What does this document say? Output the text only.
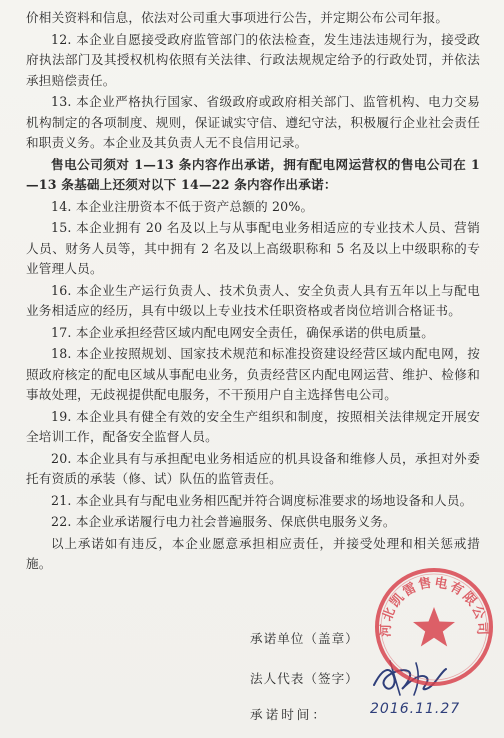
价相关资料和信息，依法对公司重大事项进行公告，并定期公布公司年报。

12. 本企业自愿接受政府监管部门的依法检查，发生违法违规行为，接受政府执法部门及其授权机构依照有关法律、行政法规规定给予的行政处罚，并依法承担赔偿责任。

13. 本企业严格执行国家、省级政府或政府相关部门、监管机构、电力交易机构制定的各项制度、规则，保证诚实守信、遵纪守法，积极履行企业社会责任和职责义务。本企业及其负责人无不良信用记录。

售电公司须对 1—13 条内容作出承诺，拥有配电网运营权的售电公司在 1—13 条基础上还须对以下 14—22 条内容作出承诺：

14. 本企业注册资本不低于资产总额的 20%。

15. 本企业拥有 20 名及以上与从事配电业务相适应的专业技术人员、营销人员、财务人员等，其中拥有 2 名及以上高级职称和 5 名及以上中级职称的专业管理人员。

16. 本企业生产运行负责人、技术负责人、安全负责人具有五年以上与配电业务相适应的经历，具有中级以上专业技术任职资格或者岗位培训合格证书。

17. 本企业承担经营区域内配电网安全责任，确保承诺的供电质量。

18. 本企业按照规划、国家技术规范和标准投资建设经营区域内配电网，按照政府核定的配电区域从事配电业务，负责经营区内配电网运营、维护、检修和事故处理，无歧视提供配电服务，不干预用户自主选择售电公司。

19. 本企业具有健全有效的安全生产组织和制度，按照相关法律规定开展安全培训工作，配备安全监督人员。

20. 本企业具有与承担配电业务相适应的机具设备和维修人员，承担对外委托有资质的承装（修、试）队伍的监管责任。

21. 本企业具有与配电业务相匹配并符合调度标准要求的场地设备和人员。

22. 本企业承诺履行电力社会普遍服务、保底供电服务义务。

以上承诺如有违反，本企业愿意承担相应责任，并接受处理和相关惩戒措施。

承诺单位（盖章）
法人代表（签字）
承诺时间：	2016.11.27
河北凯雷售电有限公司
